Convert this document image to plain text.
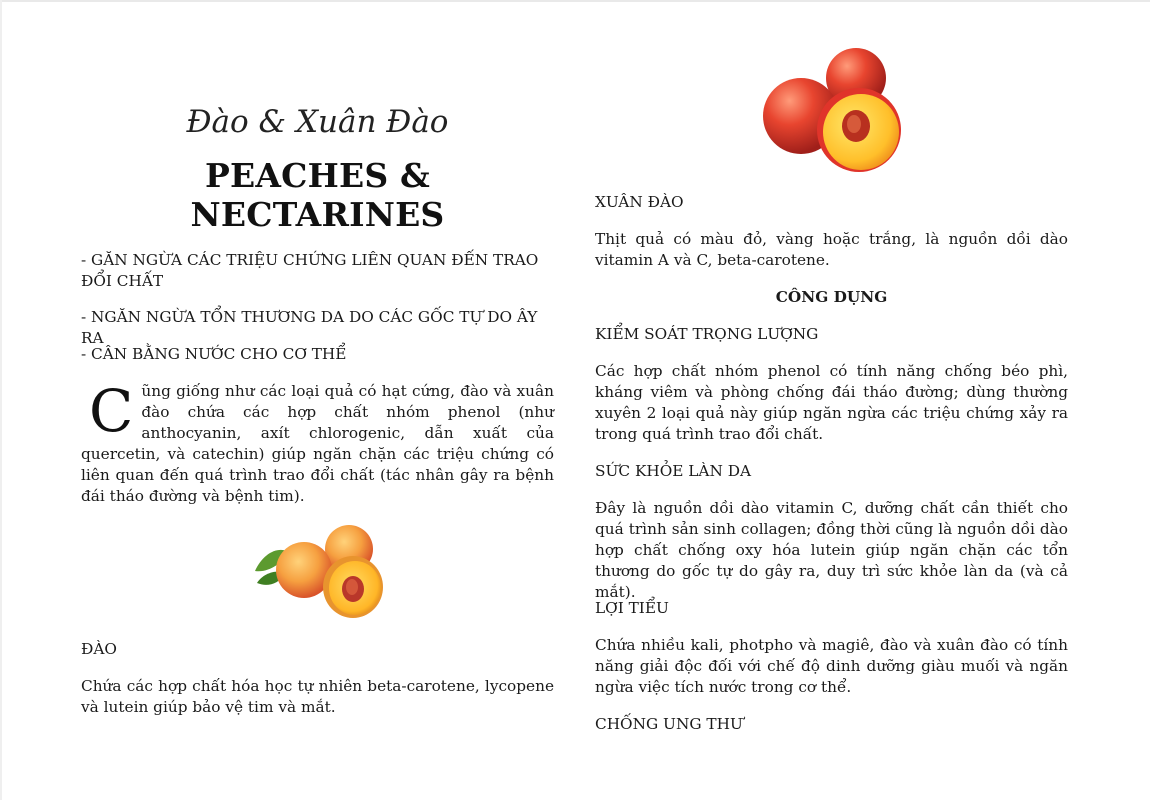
Đào & Xuân Đào
PEACHES & NECTARINES

- GĂN NGỪA CÁC TRIỆU CHỨNG LIÊN QUAN ĐẾN TRAO ĐỔI CHẤT

- NGĂN NGỪA TỔN THƯƠNG DA DO CÁC GỐC TỰ DO ÂY RA

- CÂN BẰNG NƯỚC CHO CƠ THỂ

Cũng giống như các loại quả có hạt cứng, đào và xuân đào chứa các hợp chất nhóm phenol (như anthocyanin, axít chlorogenic, dẫn xuất của quercetin, và catechin) giúp ngăn chặn các triệu chứng có liên quan đến quá trình trao đổi chất (tác nhân gây ra bệnh đái tháo đường và bệnh tim).

ĐÀO

Chứa các hợp chất hóa học tự nhiên beta-carotene, lycopene và lutein giúp bảo vệ tim và mắt.

XUÂN ĐÀO

Thịt quả có màu đỏ, vàng hoặc trắng, là nguồn dồi dào vitamin A và C, beta-carotene.

CÔNG DỤNG

KIỂM SOÁT TRỌNG LƯỢNG

Các hợp chất nhóm phenol có tính năng chống béo phì, kháng viêm và phòng chống đái tháo đường; dùng thường xuyên 2 loại quả này giúp ngăn ngừa các triệu chứng xảy ra trong quá trình trao đổi chất.

SỨC KHỎE LÀN DA

Đây là nguồn dồi dào vitamin C, dưỡng chất cần thiết cho quá trình sản sinh collagen; đồng thời cũng là nguồn dồi dào hợp chất chống oxy hóa lutein giúp ngăn chặn các tổn thương do gốc tự do gây ra, duy trì sức khỏe làn da (và cả mắt).

LỢI TIỂU

Chứa nhiều kali, photpho và magiê, đào và xuân đào có tính năng giải độc đối với chế độ dinh dưỡng giàu muối và ngăn ngừa việc tích nước trong cơ thể.

CHỐNG UNG THƯ
